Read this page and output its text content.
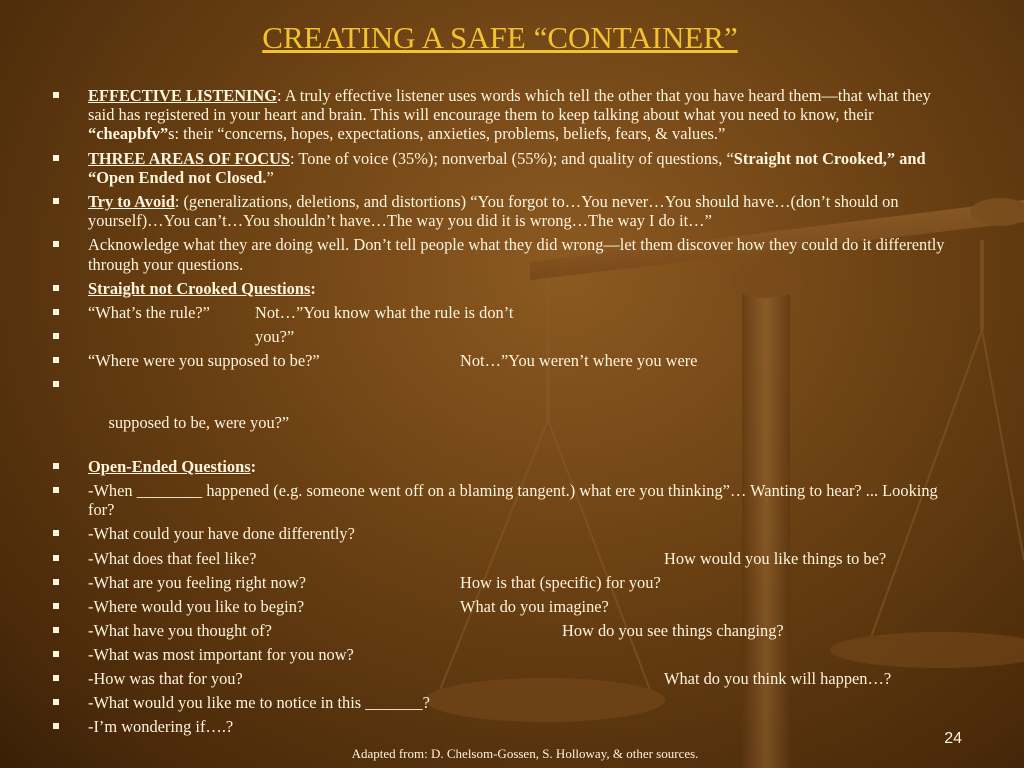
CREATING A SAFE “CONTAINER”
EFFECTIVE LISTENING: A truly effective listener uses words which tell the other that you have heard them—that what they said has registered in your heart and brain. This will encourage them to keep talking about what you need to know, their “cheapbfv”s: their “concerns, hopes, expectations, anxieties, problems, beliefs, fears, & values.”
THREE AREAS OF FOCUS: Tone of voice (35%); nonverbal (55%); and quality of questions, “Straight not Crooked,” and “Open Ended not Closed.”
Try to Avoid: (generalizations, deletions, and distortions) “You forgot to…You never…You should have…(don’t should on yourself)…You can’t…You shouldn’t have…The way you did it is wrong…The way I do it…”
Acknowledge what they are doing well. Don’t tell people what they did wrong—let them discover how they could do it differently through your questions.
Straight not Crooked Questions:
“What’s the rule?”	Not…”You know what the rule is don’t
you?”
“Where were you supposed to be?”	Not…”You weren’t where you were

supposed to be, were you?”

Open-Ended Questions:
-When ________ happened (e.g. someone went off on a blaming tangent.) what ere you thinking”… Wanting to hear? ... Looking for?
-What could your have done differently?
-What does that feel like?	How would you like things to be?
-What are you feeling right now?	How is that (specific) for you?
-Where would you like to begin?	What do you imagine?
-What have you thought of?	How do you see things changing?
-What was most important for you now?
-How was that for you?	What do you think will happen…?
-What would you like me to notice in this _______?
-I’m wondering if….?
24
Adapted from: D. Chelsom-Gossen, S. Holloway, & other sources.
